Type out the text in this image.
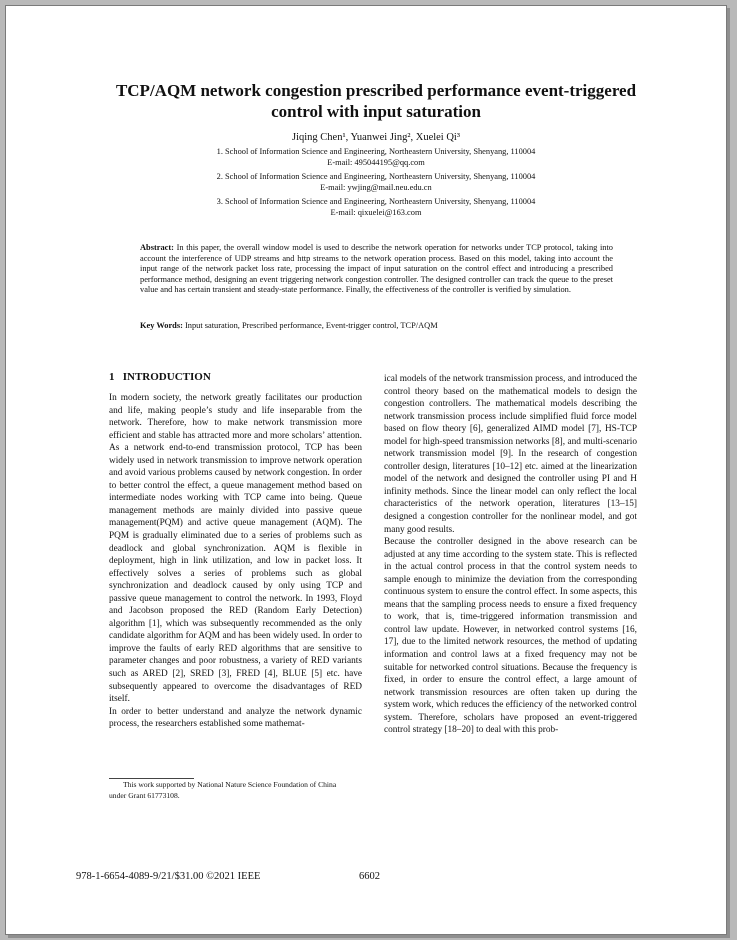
TCP/AQM network congestion prescribed performance event-triggered
control with input saturation
Jiqing Chen¹, Yuanwei Jing², Xuelei Qi³
1. School of Information Science and Engineering, Northeastern University, Shenyang, 110004
E-mail: 495044195@qq.com
2. School of Information Science and Engineering, Northeastern University, Shenyang, 110004
E-mail: ywjing@mail.neu.edu.cn
3. School of Information Science and Engineering, Northeastern University, Shenyang, 110004
E-mail: qixuelei@163.com
Abstract: In this paper, the overall window model is used to describe the network operation for networks under TCP protocol, taking into account the interference of UDP streams and http streams to the network operation process. Based on this model, taking into account the input range of the network packet loss rate, processing the impact of input saturation on the control effect and introducing a prescribed performance method, designing an event triggering network congestion controller. The designed controller can track the queue to the preset value and has certain transient and steady-state performance. Finally, the effectiveness of the controller is verified by simulation.
Key Words: Input saturation, Prescribed performance, Event-trigger control, TCP/AQM
1 INTRODUCTION

In modern society, the network greatly facilitates our production and life, making people’s study and life inseparable from the network. Therefore, how to make network transmission more efficient and stable has attracted more and more scholars’ attention. As a network end-to-end transmission protocol, TCP has been widely used in network transmission to improve network operation and avoid various problems caused by network congestion. In order to better control the effect, a queue management method based on intermediate nodes working with TCP came into being. Queue management methods are mainly divided into passive queue management(PQM) and active queue management (AQM). The PQM is gradually eliminated due to a series of problems such as deadlock and global synchronization. AQM is flexible in deployment, high in link utilization, and low in packet loss. It effectively solves a series of problems such as global synchronization and deadlock caused by only using TCP and passive queue management to control the network. In 1993, Floyd and Jacobson proposed the RED (Random Early Detection) algorithm [1], which was subsequently recommended as the only candidate algorithm for AQM and has been widely used. In order to improve the faults of early RED algorithms that are sensitive to parameter changes and poor robustness, a variety of RED variants such as ARED [2], SRED [3], FRED [4], BLUE [5] etc. have subsequently appeared to overcome the disadvantages of RED itself.

In order to better understand and analyze the network dynamic process, the researchers established some mathemat-

ical models of the network transmission process, and introduced the control theory based on the mathematical models to design the congestion controllers. The mathematical models describing the network transmission process include simplified fluid force model based on flow theory [6], generalized AIMD model [7], HS-TCP model for high-speed transmission networks [8], and multi-scenario network transmission model [9]. In the research of congestion controller design, literatures [10–12] etc. aimed at the linearization model of the network and designed the controller using PI and H infinity methods. Since the linear model can only reflect the local characteristics of the network operation, literatures [13–15] designed a congestion controller for the nonlinear model, and got many good results.

Because the controller designed in the above research can be adjusted at any time according to the system state. This is reflected in the actual control process in that the control system needs to sample enough to minimize the deviation from the corresponding continuous system to ensure the control effect. In some aspects, this means that the sampling process needs to ensure a fixed frequency to work, that is, time-triggered information transmission and control law update. However, in networked control systems [16, 17], due to the limited network resources, the method of updating information and control laws at a fixed frequency may not be suitable for networked control situations. Because the frequency is fixed, in order to ensure the control effect, a large amount of network transmission resources are often taken up during the system work, which reduces the efficiency of the networked control system. Therefore, scholars have proposed an event-triggered control strategy [18–20] to deal with this prob-

This work supported by National Nature Science Foundation of China
under Grant 61773108.
978-1-6654-4089-9/21/$31.00 ©2021 IEEE	6602
